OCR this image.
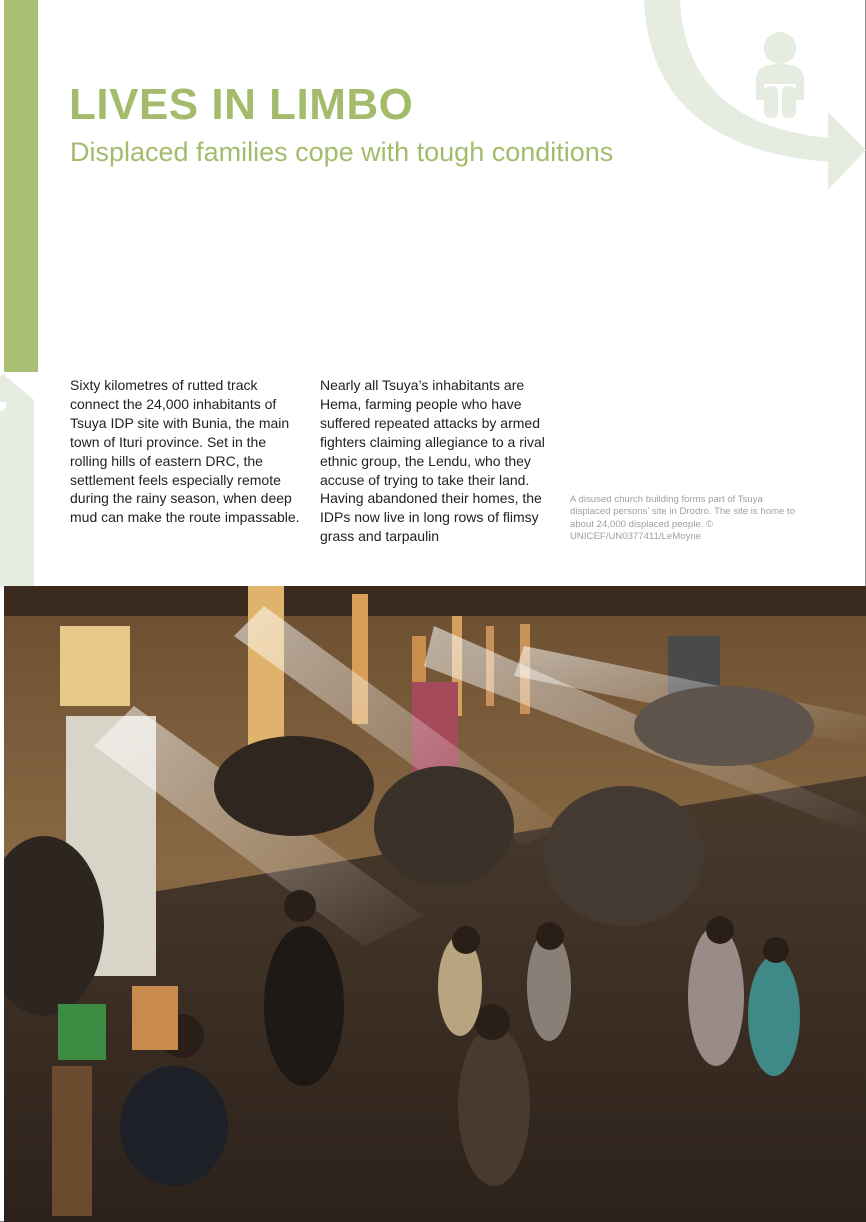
LIVES IN LIMBO
Displaced families cope with tough conditions

Sixty kilometres of rutted track connect the 24,000 inhabitants of Tsuya IDP site with Bunia, the main town of Ituri province. Set in the rolling hills of eastern DRC, the settlement feels especially remote during the rainy season, when deep mud can make the route impassable.

Nearly all Tsuya’s inhabitants are Hema, farming people who have suffered repeated attacks by armed fighters claiming allegiance to a rival ethnic group, the Lendu, who they accuse of trying to take their land. Having abandoned their homes, the IDPs now live in long rows of flimsy grass and tarpaulin

A disused church building forms part of Tsuya displaced persons’ site in Drodro. The site is home to about 24,000 displaced people. © UNICEF/UN0377411/LeMoyne
